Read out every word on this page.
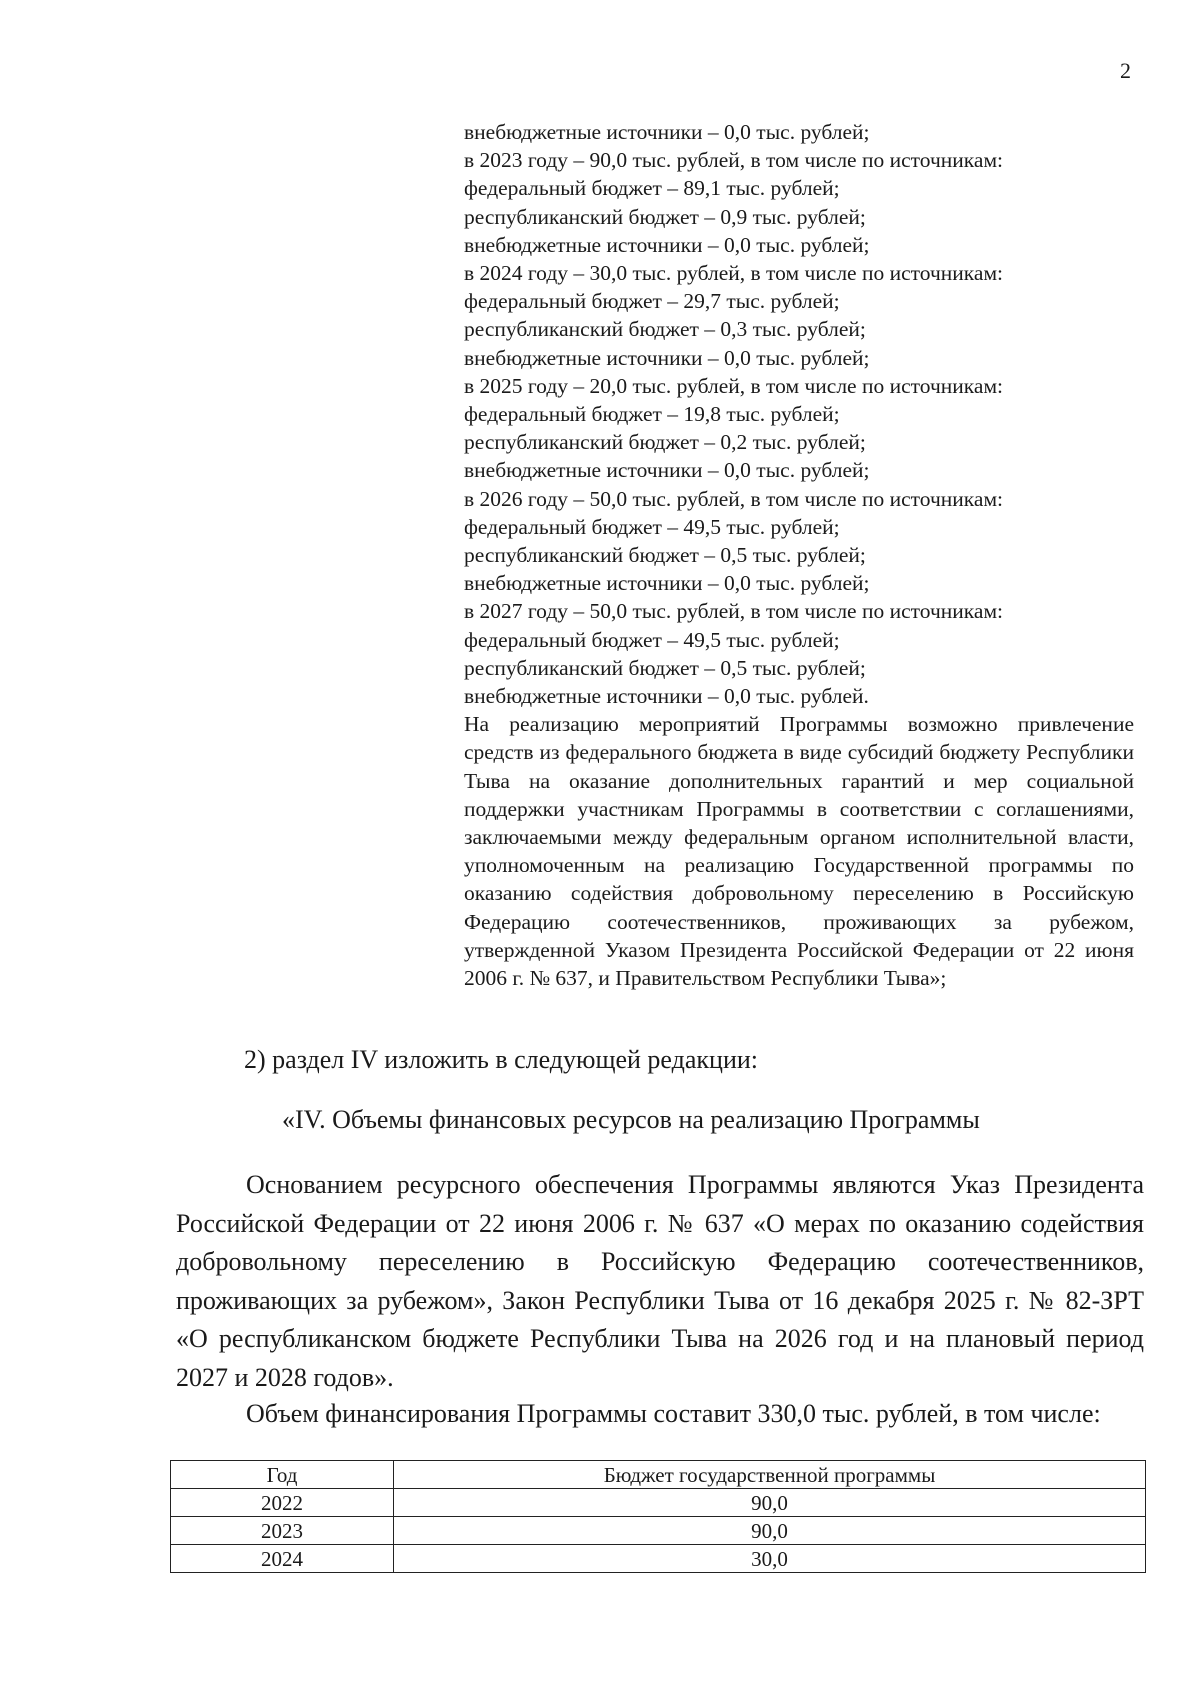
2
внебюджетные источники – 0,0 тыс. рублей;
в 2023 году – 90,0 тыс. рублей, в том числе по источникам:
федеральный бюджет – 89,1 тыс. рублей;
республиканский бюджет – 0,9 тыс. рублей;
внебюджетные источники – 0,0 тыс. рублей;
в 2024 году – 30,0 тыс. рублей, в том числе по источникам:
федеральный бюджет – 29,7 тыс. рублей;
республиканский бюджет – 0,3 тыс. рублей;
внебюджетные источники – 0,0 тыс. рублей;
в 2025 году – 20,0 тыс. рублей, в том числе по источникам:
федеральный бюджет – 19,8 тыс. рублей;
республиканский бюджет – 0,2 тыс. рублей;
внебюджетные источники – 0,0 тыс. рублей;
в 2026 году – 50,0 тыс. рублей, в том числе по источникам:
федеральный бюджет – 49,5 тыс. рублей;
республиканский бюджет – 0,5 тыс. рублей;
внебюджетные источники – 0,0 тыс. рублей;
в 2027 году – 50,0 тыс. рублей, в том числе по источникам:
федеральный бюджет – 49,5 тыс. рублей;
республиканский бюджет – 0,5 тыс. рублей;
внебюджетные источники – 0,0 тыс. рублей.

На реализацию мероприятий Программы возможно привлечение средств из федерального бюджета в виде субсидий бюджету Республики Тыва на оказание дополнительных гарантий и мер социальной поддержки участникам Программы в соответствии с соглашениями, заключаемыми между федеральным органом исполнительной власти, уполномоченным на реализацию Государственной программы по оказанию содействия добровольному переселению в Российскую Федерацию соотечественников, проживающих за рубежом, утвержденной Указом Президента Российской Федерации от 22 июня 2006 г. № 637, и Правительством Республики Тыва»;

2) раздел IV изложить в следующей редакции:
«IV. Объемы финансовых ресурсов на реализацию Программы

Основанием ресурсного обеспечения Программы являются Указ Президента Российской Федерации от 22 июня 2006 г. № 637 «О мерах по оказанию содействия добровольному переселению в Российскую Федерацию соотечественников, проживающих за рубежом», Закон Республики Тыва от 16 декабря 2025 г. № 82-ЗРТ «О республиканском бюджете Республики Тыва на 2026 год и на плановый период 2027 и 2028 годов».

Объем финансирования Программы составит 330,0 тыс. рублей, в том числе:

Год	Бюджет государственной программы
2022	90,0
2023	90,0
2024	30,0
